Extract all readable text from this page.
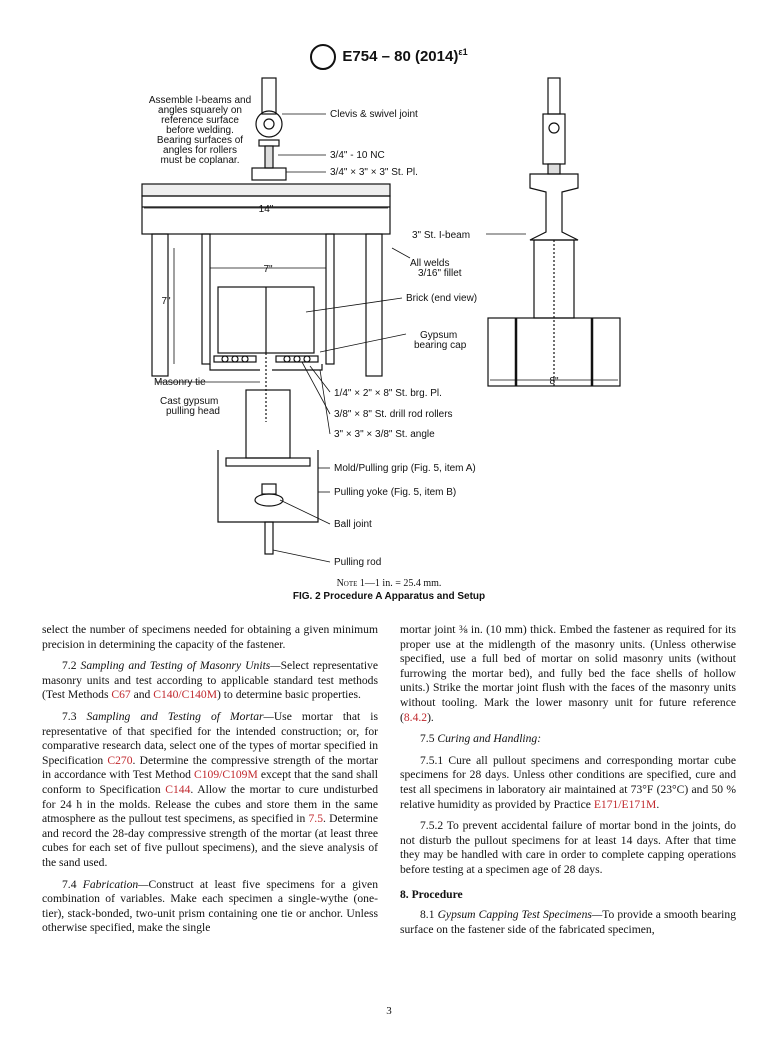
E754 – 80 $(2014)^{\varepsilon 1}$
Assemble I-beams and
angles squarely on
reference surface
before welding.
Bearing surfaces of
angles for rollers
must be coplanar.
Clevis & swivel joint
3/4" - 10 NC
3/4" × 3" × 3" St. Pl.
14"
3" St. I-beam
All welds
3/16" fillet
7"
7"	Brick (end view)
Gypsum
bearing cap
Masonry tie	8"
1/4" × 2" × 8" St. brg. Pl.
Cast gypsum
pulling head	3/8" × 8" St. drill rod rollers
3" × 3" × 3/8" St. angle
Mold/Pulling grip (Fig. 5, item A)
Pulling yoke (Fig. 5, item B)
Ball joint
Pulling rod
Note 1—1 in. = 25.4 mm.
FIG. 2 Procedure A Apparatus and Setup

select the number of specimens needed for obtaining a given minimum precision in determining the capacity of the fastener.

7.2 Sampling and Testing of Masonry Units—Select representative masonry units and test according to applicable standard test methods (Test Methods C67 and C140/C140M) to determine basic properties.

7.3 Sampling and Testing of Mortar—Use mortar that is representative of that specified for the intended construction; or, for comparative research data, select one of the types of mortar specified in Specification C270. Determine the compressive strength of the mortar in accordance with Test Method C109/C109M except that the sand shall conform to Specification C144. Allow the mortar to cure undisturbed for 24 h in the molds. Release the cubes and store them in the same atmosphere as the pullout test specimens, as specified in 7.5. Determine and record the 28-day compressive strength of the mortar (at least three cubes for each set of five pullout specimens), and the sieve analysis of the sand used.

7.4 Fabrication—Construct at least five specimens for a given combination of variables. Make each specimen a single-wythe (one-tier), stack-bonded, two-unit prism containing one tie or anchor. Unless otherwise specified, make the single

mortar joint ⅜ in. (10 mm) thick. Embed the fastener as required for its proper use at the midlength of the masonry units. (Unless otherwise specified, use a full bed of mortar on solid masonry units (without furrowing the mortar bed), and fully bed the face shells of hollow units.) Strike the mortar joint flush with the faces of the masonry units without tooling. Mark the lower masonry unit for future reference (8.4.2).

7.5 Curing and Handling:

7.5.1 Cure all pullout specimens and corresponding mortar cube specimens for 28 days. Unless other conditions are specified, cure and test all specimens in laboratory air maintained at 73°F (23°C) and 50 % relative humidity as provided by Practice E171/E171M.

7.5.2 To prevent accidental failure of mortar bond in the joints, do not disturb the pullout specimens for at least 14 days. After that time they may be handled with care in order to complete capping operations before testing at a specimen age of 28 days.

8. Procedure

8.1 Gypsum Capping Test Specimens—To provide a smooth bearing surface on the fastener side of the fabricated specimen,

3
